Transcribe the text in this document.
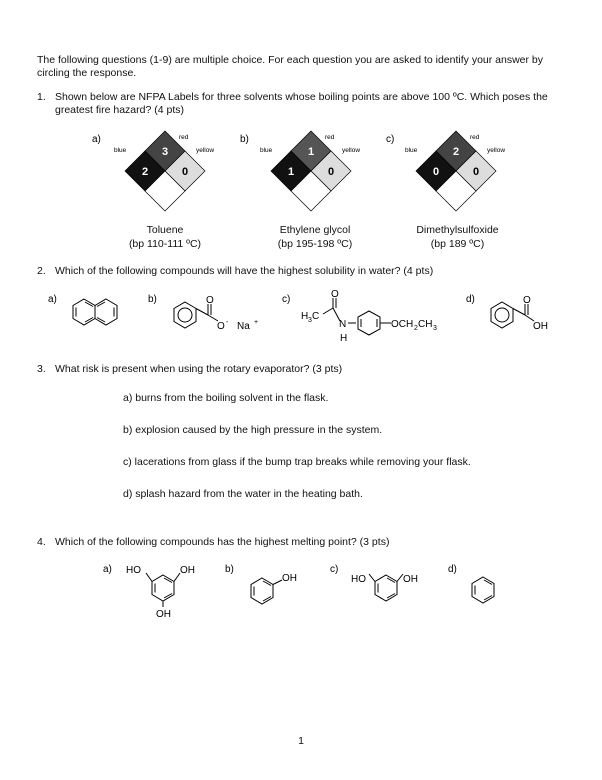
The following questions (1-9) are multiple choice. For each question you are asked to identify your answer by
circling the response.
1. Shown below are NFPA Labels for three solvents whose boiling points are above 100 ºC. Which poses the
greatest fire hazard? (4 pts)
a)
3
2	0
red
blue	yellow
b)
1
1	0
red
blue	yellow
c)
2
0	0
red
blue	yellow
Toluene
(bp 110-111 ºC)
Ethylene glycol
(bp 195-198 ºC)
Dimethylsulfoxide
(bp 189 ºC)
2. Which of the following compounds will have the highest solubility in water? (4 pts)
a)	b)	c)	d)
O
O - Na +
O
H 3 C
N
H
OCH 2 CH 3
O
OH
3. What risk is present when using the rotary evaporator? (3 pts)
a) burns from the boiling solvent in the flask.
b) explosion caused by the high pressure in the system.
c) lacerations from glass if the bump trap breaks while removing your flask.
d) splash hazard from the water in the heating bath.
4. Which of the following compounds has the highest melting point? (3 pts)
a)	b)	c)	d)
HO	OH
OH
OH	HO	OH
1
